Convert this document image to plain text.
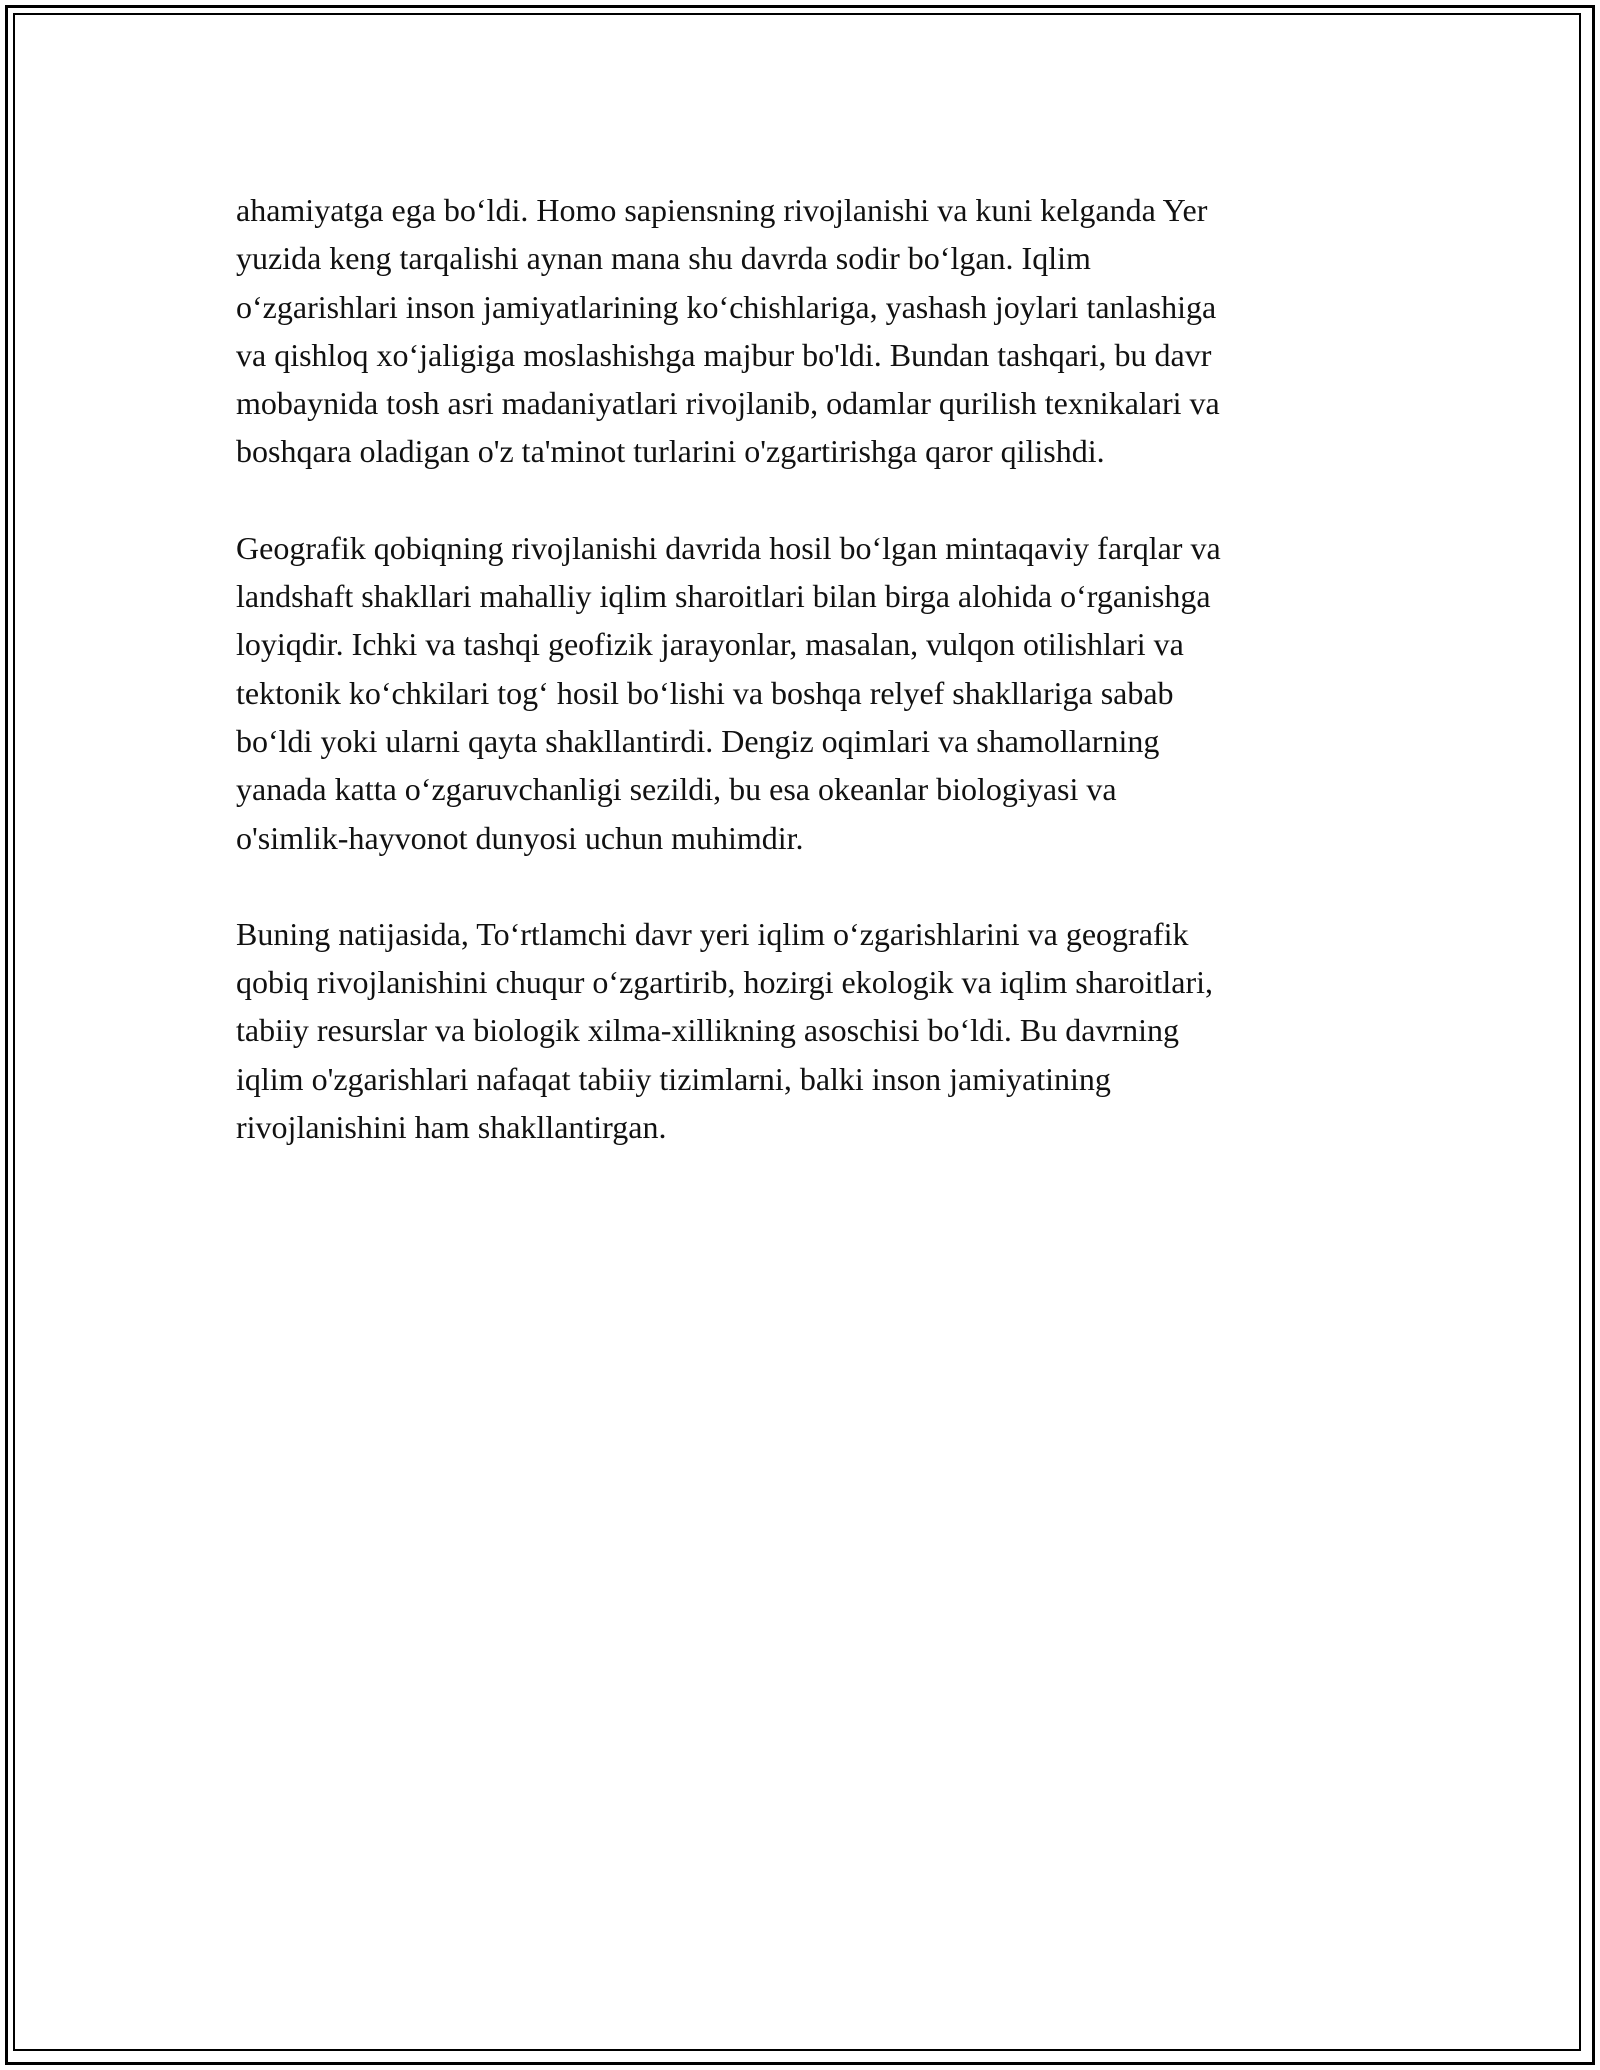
ahamiyatga ega bo‘ldi. Homo sapiensning rivojlanishi va kuni kelganda Yer
yuzida keng tarqalishi aynan mana shu davrda sodir bo‘lgan. Iqlim
o‘zgarishlari inson jamiyatlarining ko‘chishlariga, yashash joylari tanlashiga
va qishloq xo‘jaligiga moslashishga majbur bo'ldi. Bundan tashqari, bu davr
mobaynida tosh asri madaniyatlari rivojlanib, odamlar qurilish texnikalari va
boshqara oladigan o'z ta'minot turlarini o'zgartirishga qaror qilishdi.

Geografik qobiqning rivojlanishi davrida hosil bo‘lgan mintaqaviy farqlar va
landshaft shakllari mahalliy iqlim sharoitlari bilan birga alohida o‘rganishga
loyiqdir. Ichki va tashqi geofizik jarayonlar, masalan, vulqon otilishlari va
tektonik ko‘chkilari tog‘ hosil bo‘lishi va boshqa relyef shakllariga sabab
bo‘ldi yoki ularni qayta shakllantirdi. Dengiz oqimlari va shamollarning
yanada katta o‘zgaruvchanligi sezildi, bu esa okeanlar biologiyasi va
o'simlik-hayvonot dunyosi uchun muhimdir.

Buning natijasida, To‘rtlamchi davr yeri iqlim o‘zgarishlarini va geografik
qobiq rivojlanishini chuqur o‘zgartirib, hozirgi ekologik va iqlim sharoitlari,
tabiiy resurslar va biologik xilma-xillikning asoschisi bo‘ldi. Bu davrning
iqlim o'zgarishlari nafaqat tabiiy tizimlarni, balki inson jamiyatining
rivojlanishini ham shakllantirgan.
